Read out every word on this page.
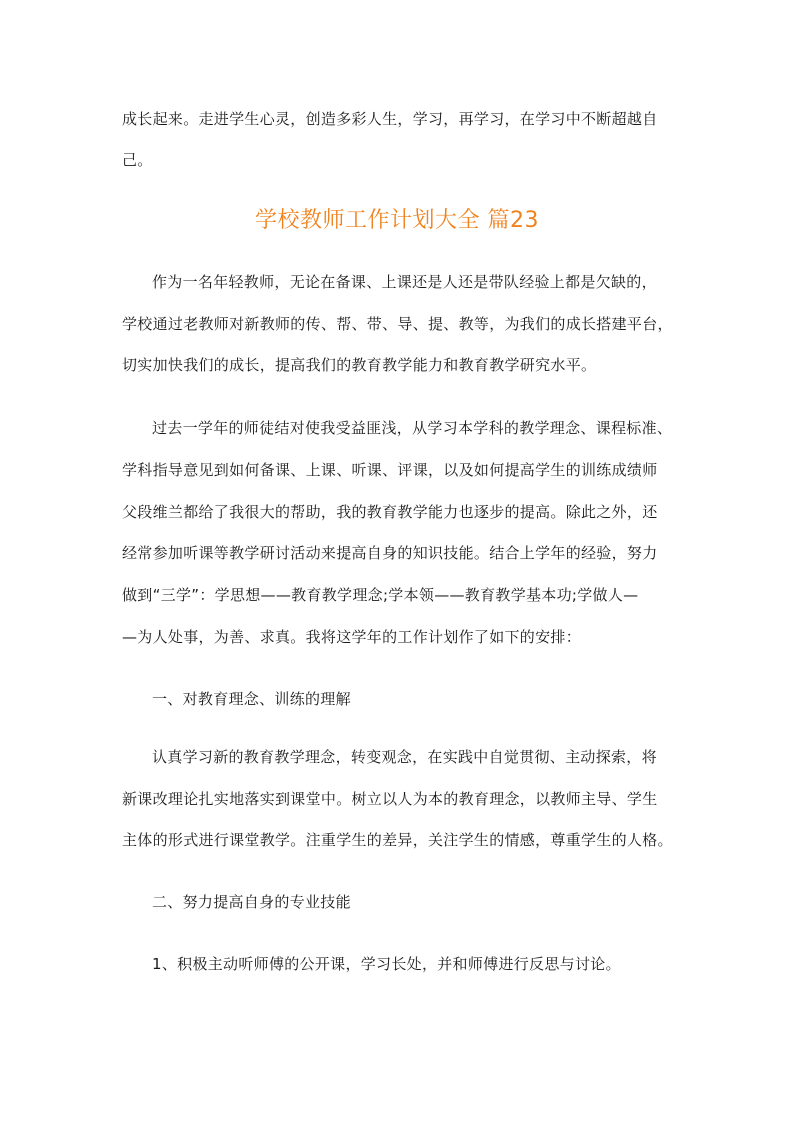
成长起来。走进学生心灵，创造多彩人生，学习，再学习，在学习中不断超越自
己。
学校教师工作计划大全 篇23
作为一名年轻教师，无论在备课、上课还是人还是带队经验上都是欠缺的，
学校通过老教师对新教师的传、帮、带、导、提、教等，为我们的成长搭建平台，
切实加快我们的成长，提高我们的教育教学能力和教育教学研究水平。
过去一学年的师徒结对使我受益匪浅，从学习本学科的教学理念、课程标准、
学科指导意见到如何备课、上课、听课、评课，以及如何提高学生的训练成绩师
父段维兰都给了我很大的帮助，我的教育教学能力也逐步的提高。除此之外，还
经常参加听课等教学研讨活动来提高自身的知识技能。结合上学年的经验，努力
做到“三学”：学思想——教育教学理念;学本领——教育教学基本功;学做人—
—为人处事，为善、求真。我将这学年的工作计划作了如下的安排：
一、对教育理念、训练的理解
认真学习新的教育教学理念，转变观念，在实践中自觉贯彻、主动探索，将
新课改理论扎实地落实到课堂中。树立以人为本的教育理念，以教师主导、学生
主体的形式进行课堂教学。注重学生的差异，关注学生的情感，尊重学生的人格。
二、努力提高自身的专业技能
1、积极主动听师傅的公开课，学习长处，并和师傅进行反思与讨论。
